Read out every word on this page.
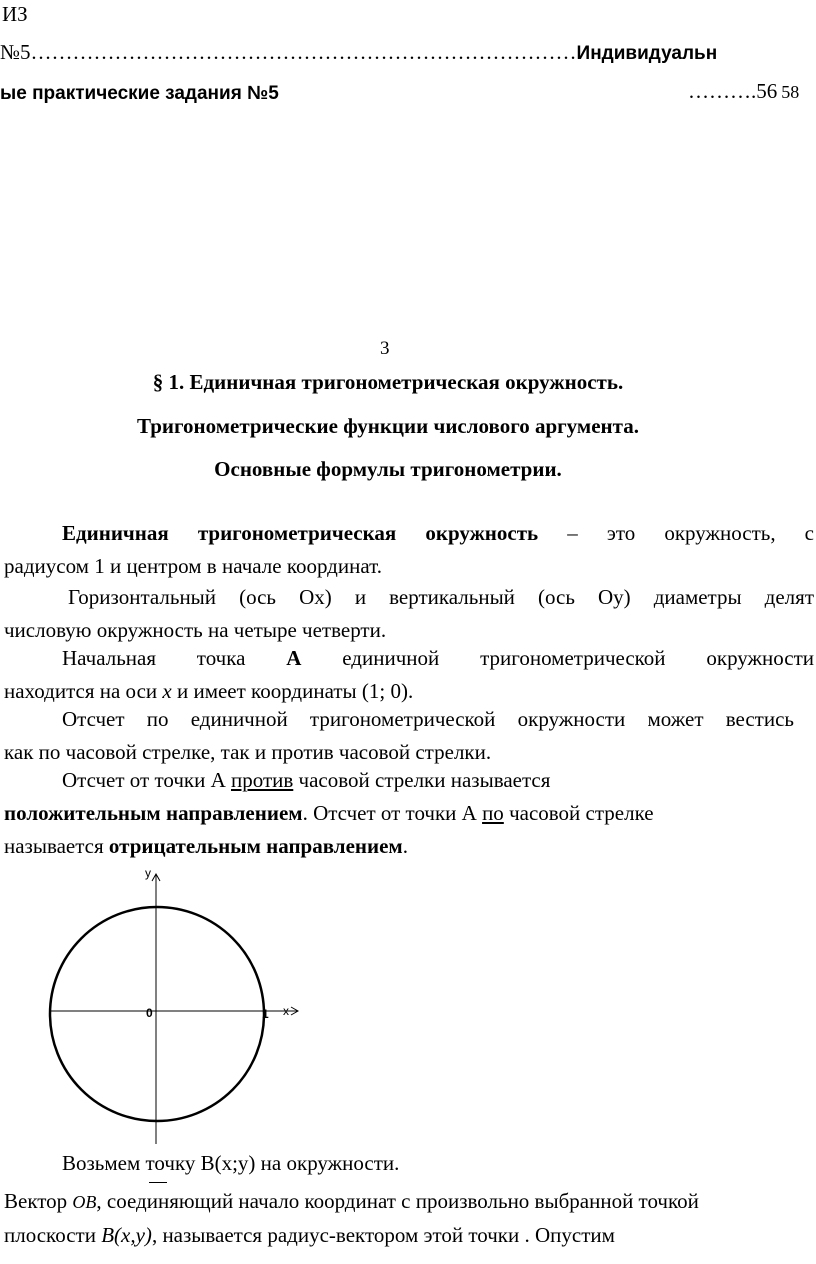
ИЗ
№5……………………………………………………………………Индивидуальн
ые практические задания №5	……….56 58
3
§ 1. Единичная тригонометрическая окружность.
Тригонометрические функции числового аргумента.
Основные формулы тригонометрии.
Единичная тригонометрическая окружность – это окружность, с
радиусом 1 и центром в начале координат.
Горизонтальный (ось Ох) и вертикальный (ось Оу) диаметры делят
числовую окружность на четыре четверти.
Начальная точка А единичной тригонометрической окружности
находится на оси x и имеет координаты (1; 0).
Отсчет по единичной тригонометрической окружности может вестись
как по часовой стрелке, так и против часовой стрелки.
Отсчет от точки А против часовой стрелки называется
положительным направлением. Отсчет от точки А по часовой стрелке
называется отрицательным направлением.
y
x
0	1
Возьмем точку В(х;у) на окружности.
Вектор OB, соединяющий начало координат с произвольно выбранной точкой
плоскости B(x,y), называется радиус-вектором этой точки . Опустим
